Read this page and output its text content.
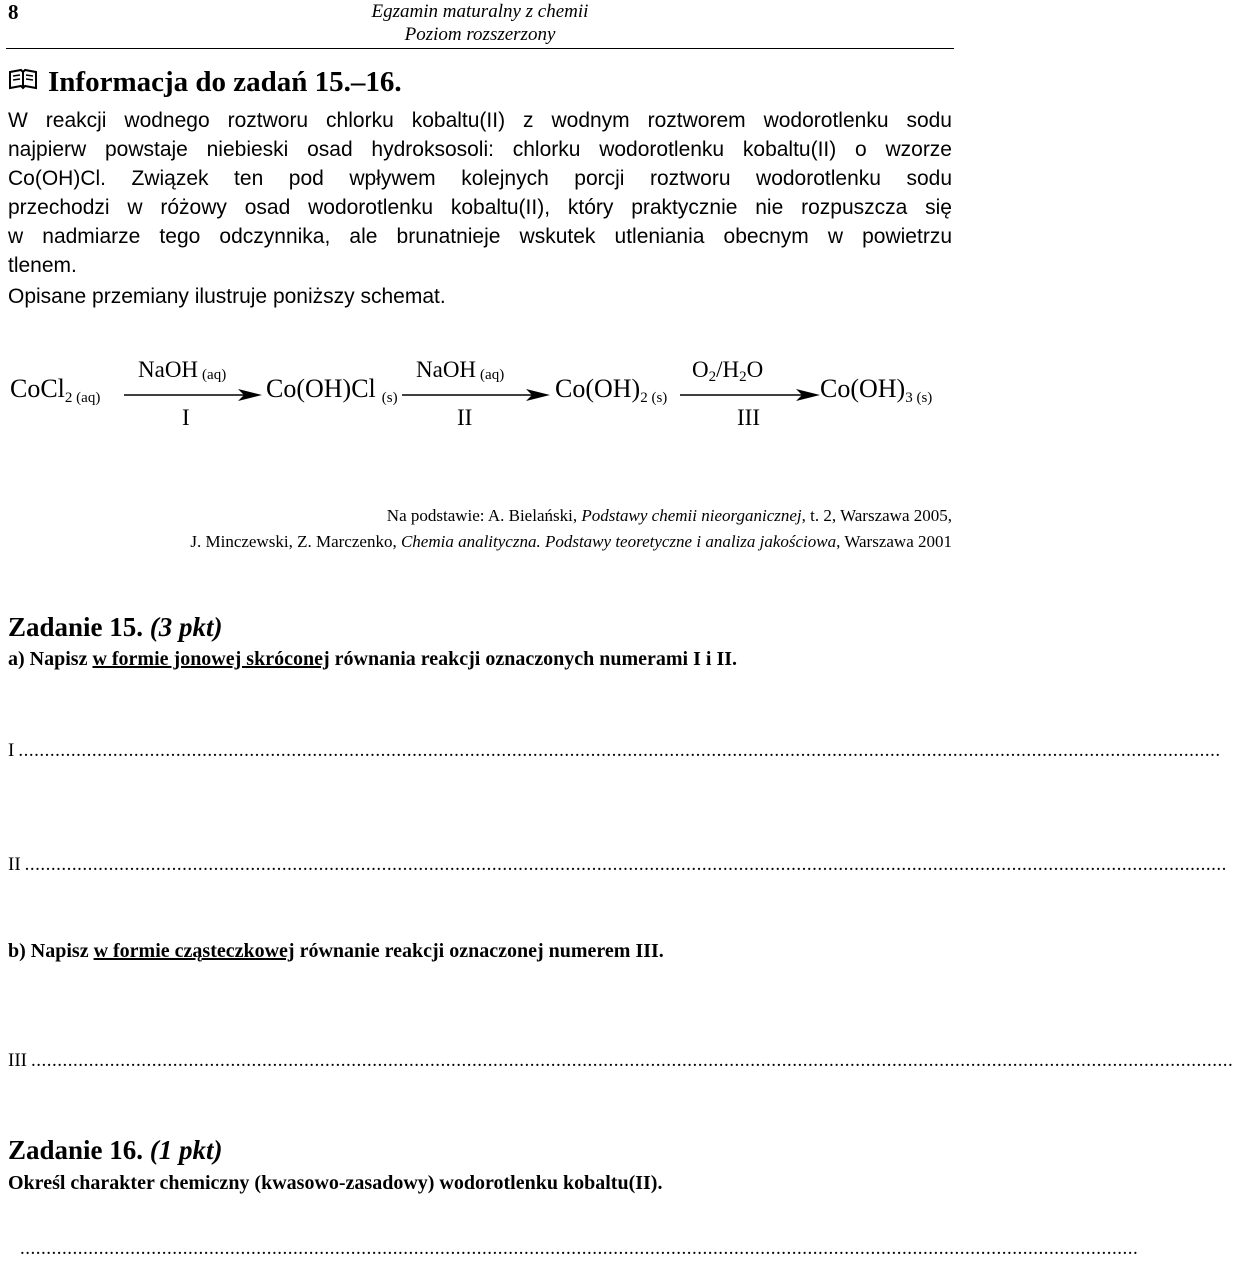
8	Egzamin maturalny z chemii
Poziom rozszerzony
Informacja do zadań 15.–16.
W reakcji wodnego roztworu chlorku kobaltu(II) z wodnym roztworem wodorotlenku sodu
najpierw powstaje niebieski osad hydroksosoli: chlorku wodorotlenku kobaltu(II) o wzorze
Co(OH)Cl. Związek ten pod wpływem kolejnych porcji roztworu wodorotlenku sodu
przechodzi w różowy osad wodorotlenku kobaltu(II), który praktycznie nie rozpuszcza się
w nadmiarze tego odczynnika, ale brunatnieje wskutek utleniania obecnym w powietrzu
tlenem.
Opisane przemiany ilustruje poniższy schemat.
CoCl2 (aq)
NaOH (aq)
I
Co(OH)Cl (s)
NaOH (aq)
II
Co(OH)2 (s)
O2/H2O
III
Co(OH)3 (s)
Na podstawie: A. Bielański, Podstawy chemii nieorganicznej, t. 2, Warszawa 2005,
J. Minczewski, Z. Marczenko, Chemia analityczna. Podstawy teoretyczne i analiza jakościowa, Warszawa 2001
Zadanie 15. (3 pkt)
a) Napisz w formie jonowej skróconej równania reakcji oznaczonych numerami I i II.
I .....................................................................................................................................................................................................................................
II .....................................................................................................................................................................................................................................
b) Napisz w formie cząsteczkowej równanie reakcji oznaczonej numerem III.
III .....................................................................................................................................................................................................................................
Zadanie 16. (1 pkt)
Określ charakter chemiczny (kwasowo-zasadowy) wodorotlenku kobaltu(II).
.....................................................................................................................................................................................................................
